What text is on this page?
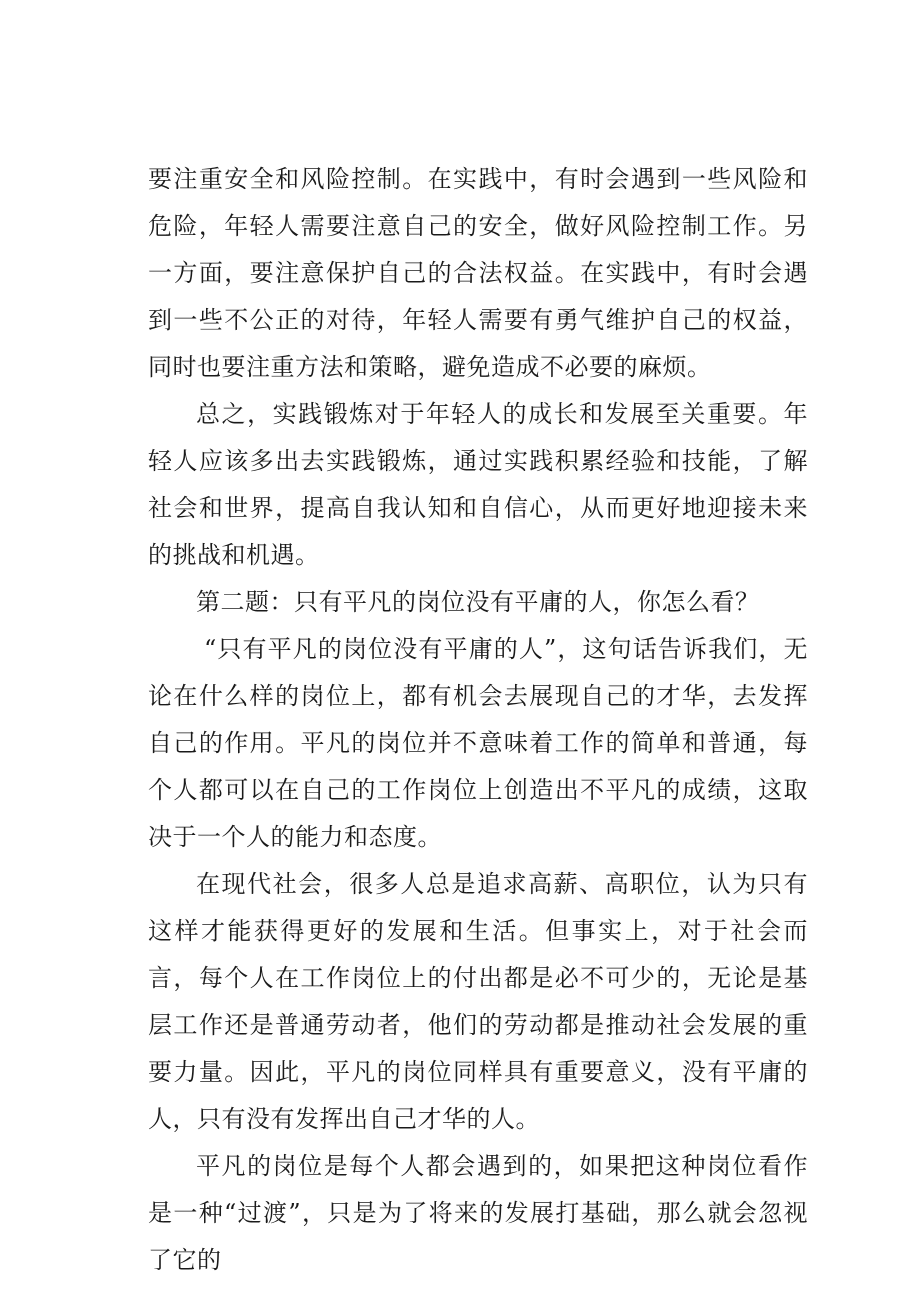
要注重安全和风险控制。在实践中，有时会遇到一些风险和危险，年轻人需要注意自己的安全，做好风险控制工作。另一方面，要注意保护自己的合法权益。在实践中，有时会遇到一些不公正的对待，年轻人需要有勇气维护自己的权益，同时也要注重方法和策略，避免造成不必要的麻烦。

总之，实践锻炼对于年轻人的成长和发展至关重要。年轻人应该多出去实践锻炼，通过实践积累经验和技能，了解社会和世界，提高自我认知和自信心，从而更好地迎接未来的挑战和机遇。

第二题：只有平凡的岗位没有平庸的人，你怎么看？

“只有平凡的岗位没有平庸的人”，这句话告诉我们，无论在什么样的岗位上，都有机会去展现自己的才华，去发挥自己的作用。平凡的岗位并不意味着工作的简单和普通，每个人都可以在自己的工作岗位上创造出不平凡的成绩，这取决于一个人的能力和态度。

在现代社会，很多人总是追求高薪、高职位，认为只有这样才能获得更好的发展和生活。但事实上，对于社会而言，每个人在工作岗位上的付出都是必不可少的，无论是基层工作还是普通劳动者，他们的劳动都是推动社会发展的重要力量。因此，平凡的岗位同样具有重要意义，没有平庸的人，只有没有发挥出自己才华的人。

平凡的岗位是每个人都会遇到的，如果把这种岗位看作是一种“过渡”，只是为了将来的发展打基础，那么就会忽视了它的
